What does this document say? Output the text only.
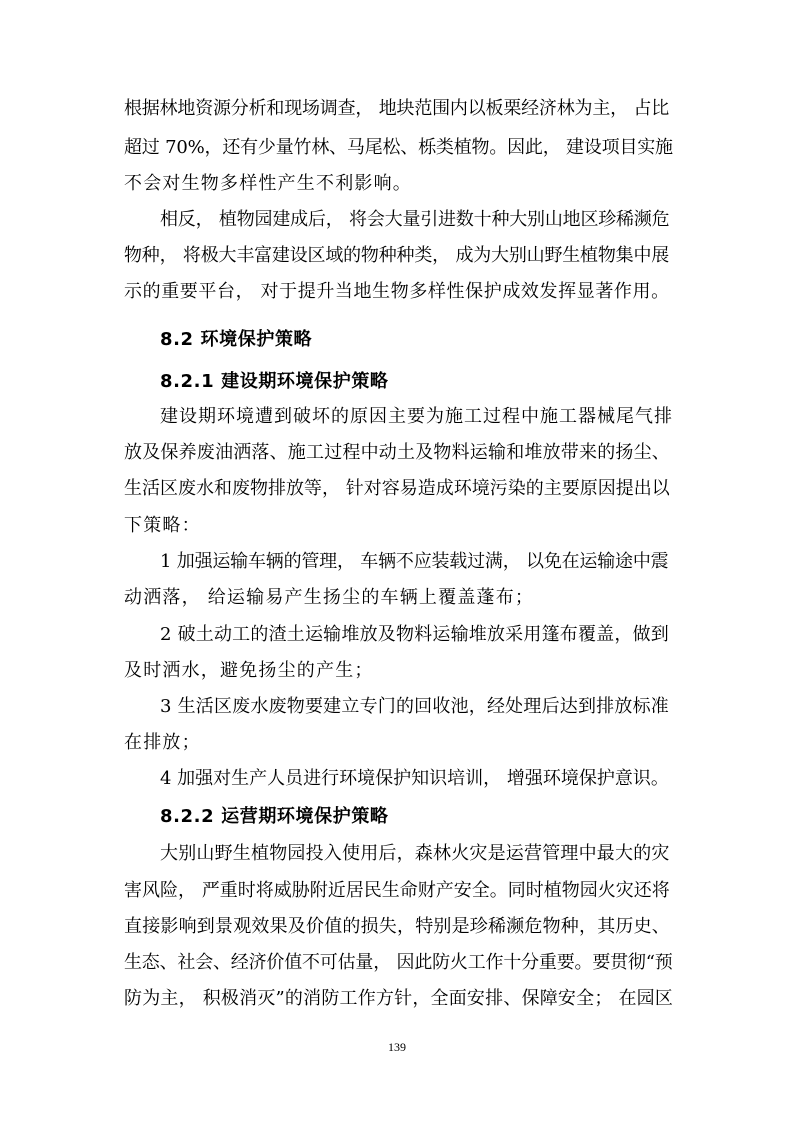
根据林地资源分析和现场调查， 地块范围内以板栗经济林为主， 占比
超过 70%，还有少量竹林、马尾松、栎类植物。因此， 建设项目实施
不会对生物多样性产生不利影响。
相反， 植物园建成后， 将会大量引进数十种大别山地区珍稀濒危
物种， 将极大丰富建设区域的物种种类， 成为大别山野生植物集中展
示的重要平台， 对于提升当地生物多样性保护成效发挥显著作用。
8.2 环境保护策略
8.2.1 建设期环境保护策略
建设期环境遭到破坏的原因主要为施工过程中施工器械尾气排
放及保养废油洒落、施工过程中动土及物料运输和堆放带来的扬尘、
生活区废水和废物排放等， 针对容易造成环境污染的主要原因提出以
下策略：
1 加强运输车辆的管理， 车辆不应装载过满， 以免在运输途中震
动洒落， 给运输易产生扬尘的车辆上覆盖蓬布；
2 破土动工的渣土运输堆放及物料运输堆放采用篷布覆盖，做到
及时洒水，避免扬尘的产生；
3 生活区废水废物要建立专门的回收池，经处理后达到排放标准
在排放；
4 加强对生产人员进行环境保护知识培训， 增强环境保护意识。
8.2.2 运营期环境保护策略
大别山野生植物园投入使用后，森林火灾是运营管理中最大的灾
害风险， 严重时将威胁附近居民生命财产安全。同时植物园火灾还将
直接影响到景观效果及价值的损失，特别是珍稀濒危物种，其历史、
生态、社会、经济价值不可估量， 因此防火工作十分重要。要贯彻“预
防为主， 积极消灭”的消防工作方针，全面安排、保障安全； 在园区
139
